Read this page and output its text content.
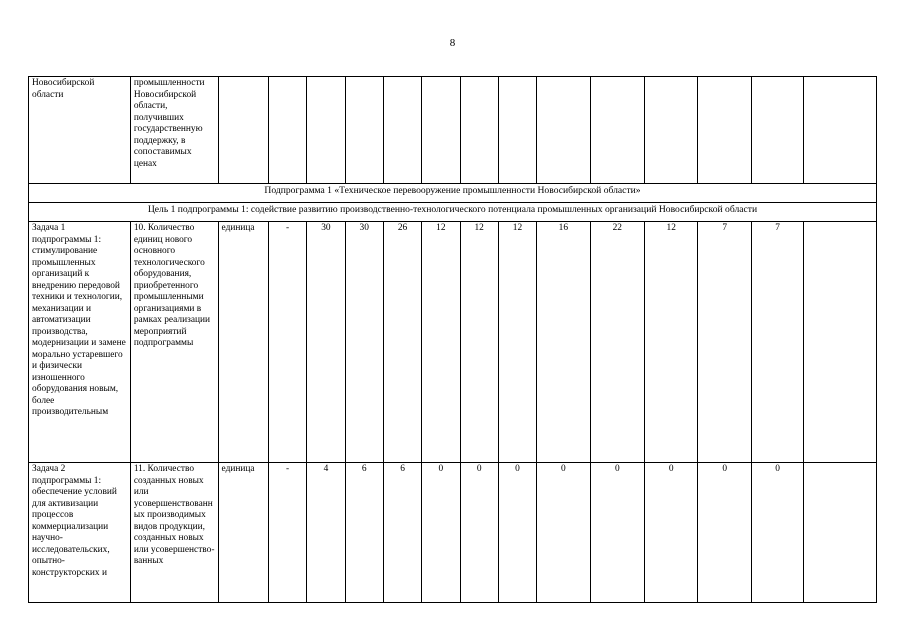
8
Новосибирской
области	промышленности Новосибирской области, получивших государственную поддержку, в сопоставимых ценах														
Подпрограмма 1 «Техническое перевооружение промышленности Новосибирской области»															
Цель 1 подпрограммы 1: содействие развитию производственно-технологического потенциала промышленных организаций Новосибирской области															
Задача 1 подпрограммы 1: стимулирование промышленных организаций к внедрению передовой техники и технологии, механизации и автоматизации производства, модернизации и замене морально устаревшего и физически изношенного оборудования новым, более производительным	10. Количество единиц нового основного технологического оборудования, приобретенного промышленными организациями в рамках реализации мероприятий подпрограммы	единица	-	30	30	26	12	12	12	16	22	12	7	7	
Задача 2 подпрограммы 1: обеспечение условий для активизации процессов коммерциализации научно-исследовательских, опытно-конструкторских и	11. Количество созданных новых или усовершенствованных производимых видов продукции, созданных новых или усовершенство-ванных	единица	-	4	6	6	0	0	0	0	0	0	0	0	
